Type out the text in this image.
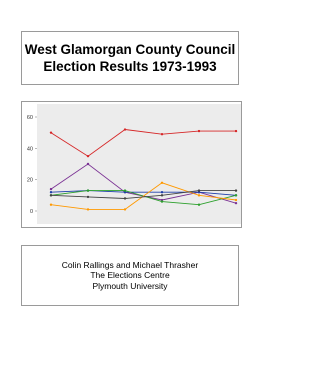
West Glamorgan County Council
Election Results 1973-1993
0
20
40
60
Colin Rallings and Michael Thrasher
The Elections Centre
Plymouth University
